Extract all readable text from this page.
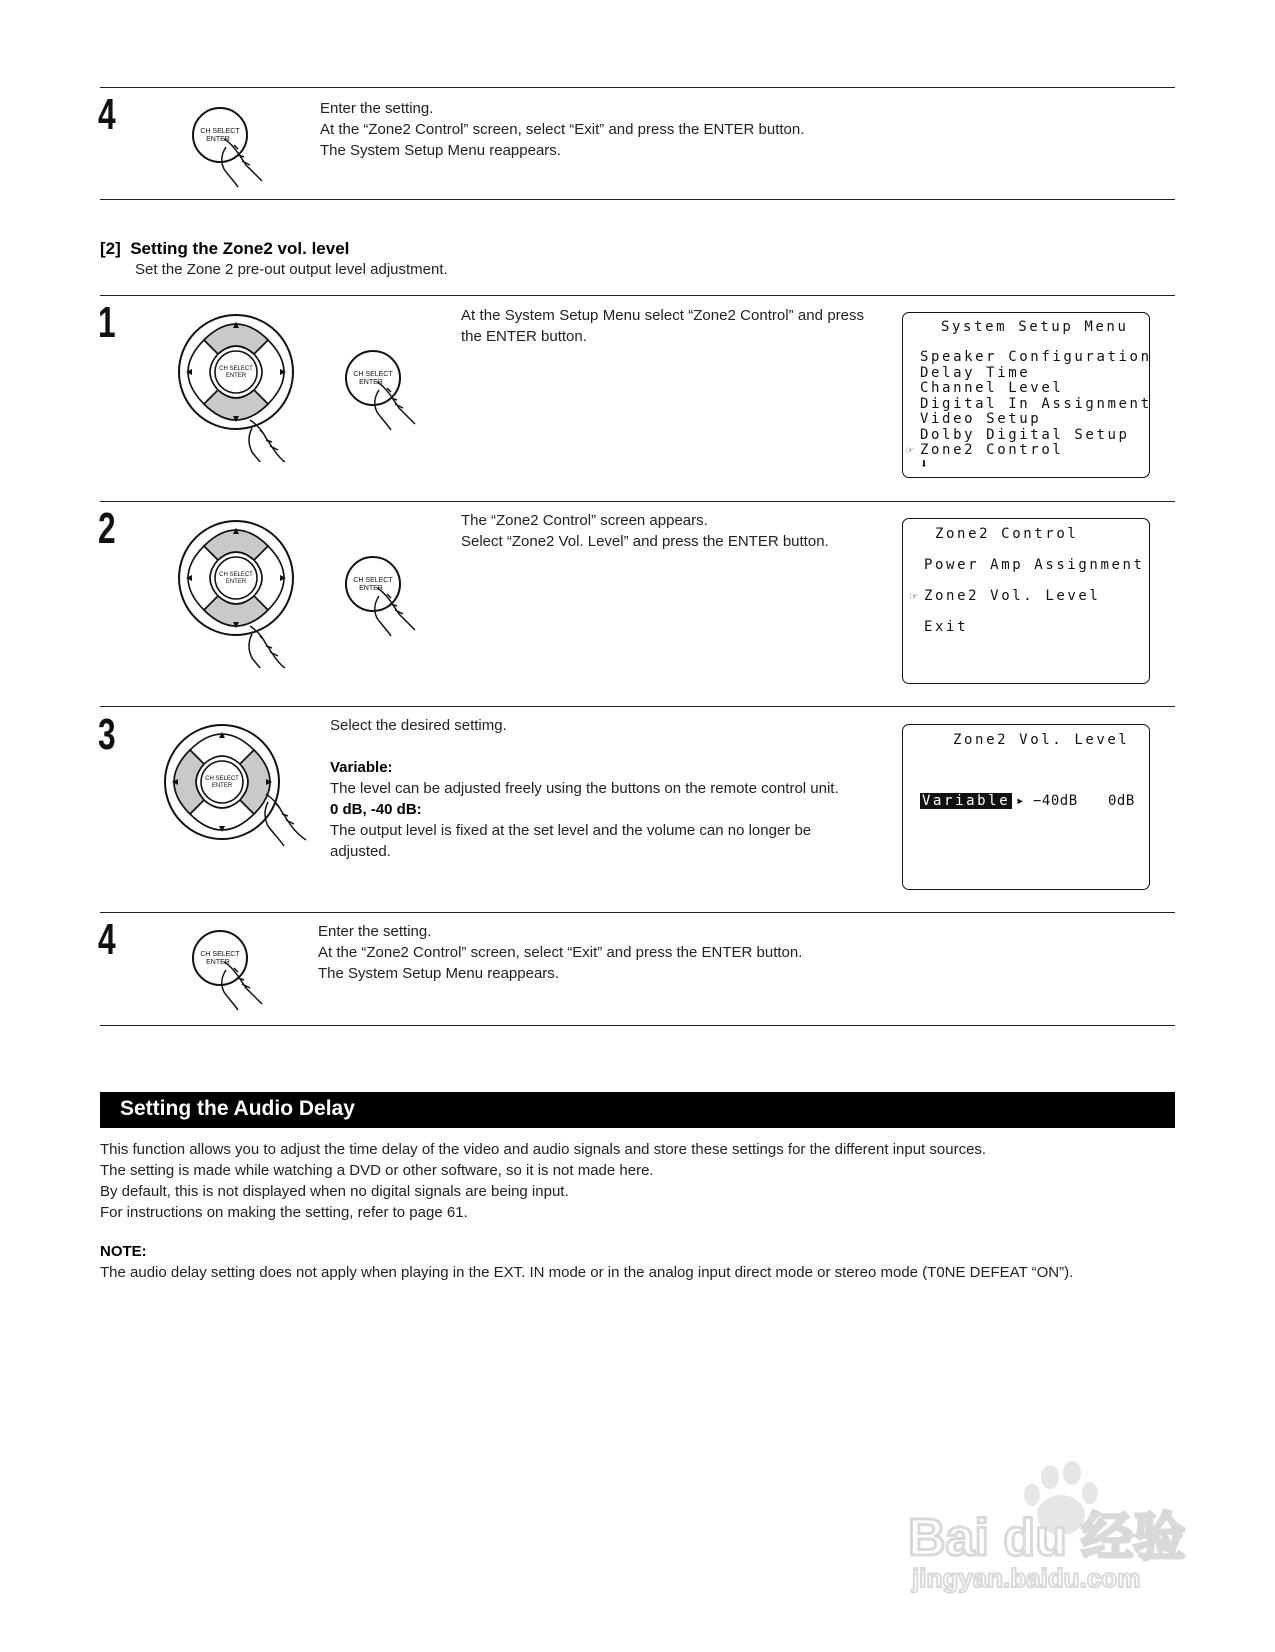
4	Enter the setting.

At the “Zone2 Control” screen, select “Exit” and press the ENTER button.

The System Setup Menu reappears.

[2]  Setting the Zone2 vol. level
Set the Zone 2 pre-out output level adjustment.
1	At the System Setup Menu select “Zone2 Control” and press the ENTER button.
System Setup Menu
Speaker Configuration
Delay Time
Channel Level
Digital In Assignment
Video Setup
Dolby Digital Setup
☞ Zone2 Control
⬇
2	The “Zone2 Control” screen appears.

Select “Zone2 Vol. Level” and press the ENTER button.	Zone2 Control
Power Amp Assignment
☞ Zone2 Vol. Level
Exit
3	Select the desired settimg.

Variable:

The level can be adjusted freely using the buttons on the remote control unit.

0 dB, -40 dB:

The output level is fixed at the set level and the volume can no longer be adjusted.

Zone2 Vol. Level
Variable ▸ −40dB 0dB
4	Enter the setting.

At the “Zone2 Control” screen, select “Exit” and press the ENTER button.

The System Setup Menu reappears.

Setting the Audio Delay

This function allows you to adjust the time delay of the video and audio signals and store these settings for the different input sources.

The setting is made while watching a DVD or other software, so it is not made here.

By default, this is not displayed when no digital signals are being input.

For instructions on making the setting, refer to page 61.

NOTE:

The audio delay setting does not apply when playing in the EXT. IN mode or in the analog input direct mode or stereo mode (T0NE DEFEAT “ON”).

Bai du 经验
jingyan.baidu.com
